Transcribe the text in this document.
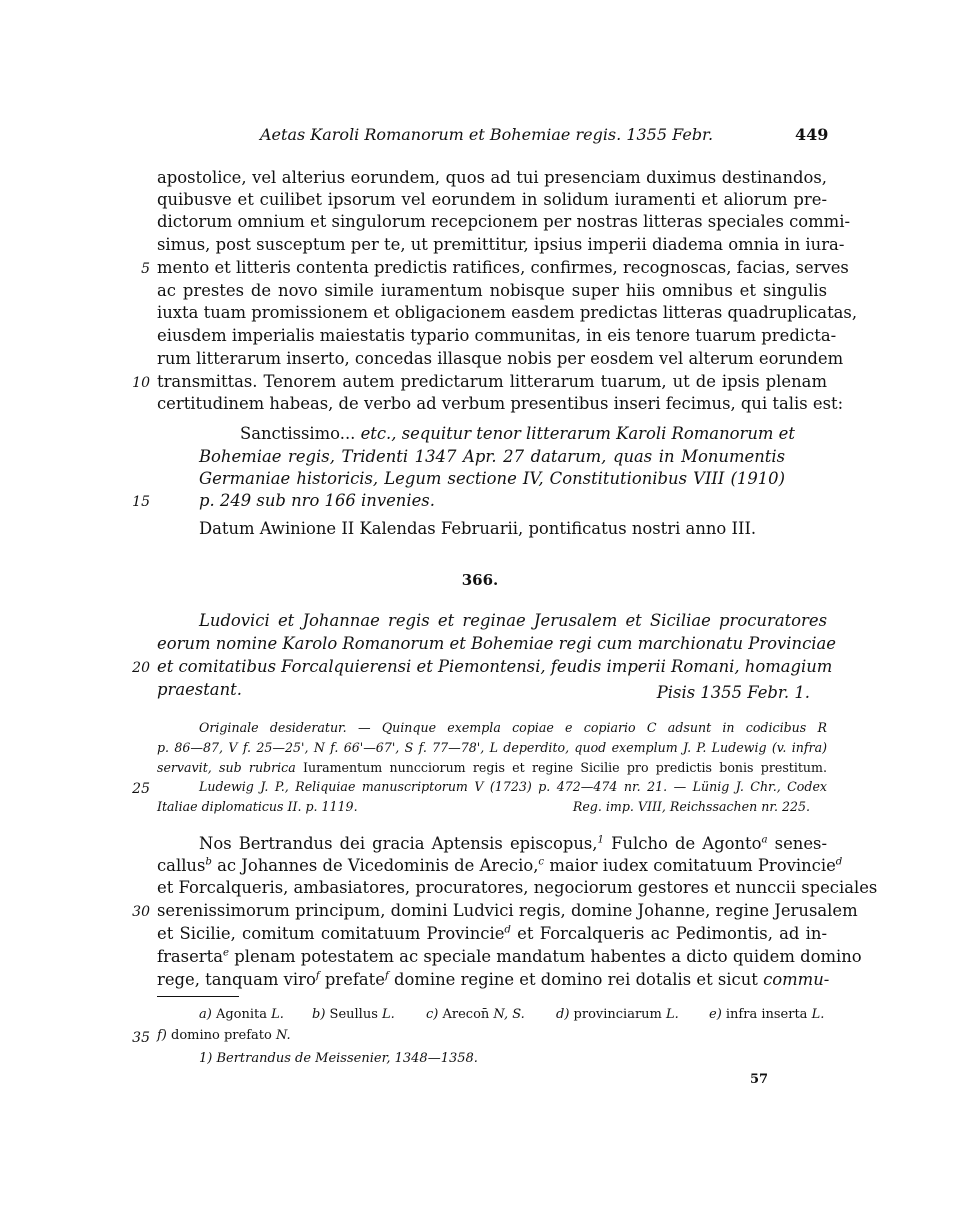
Aetas Karoli Romanorum et Bohemiae regis. 1355 Febr.	449
apostolice, vel alterius eorundem, quos ad tui presenciam duximus destinandos,
quibusve et cuilibet ipsorum vel eorundem in solidum iuramenti et aliorum pre-
dictorum omnium et singulorum recepcionem per nostras litteras speciales commi-
simus, post susceptum per te, ut premittitur, ipsius imperii diadema omnia in iura-
mento et litteris contenta predictis ratifices, confirmes, recognoscas, facias, serves
ac prestes de novo simile iuramentum nobisque super hiis omnibus et singulis
iuxta tuam promissionem et obligacionem easdem predictas litteras quadruplicatas,
eiusdem imperialis maiestatis typario communitas, in eis tenore tuarum predicta-
rum litterarum inserto, concedas illasque nobis per eosdem vel alterum eorundem
transmittas. Tenorem autem predictarum litterarum tuarum, ut de ipsis plenam
certitudinem habeas, de verbo ad verbum presentibus inseri fecimus, qui talis est:
Sanctissimo... etc., sequitur tenor litterarum Karoli Romanorum et
Bohemiae regis, Tridenti 1347 Apr. 27 datarum, quas in Monumentis
Germaniae historicis, Legum sectione IV, Constitutionibus VIII (1910)
p. 249 sub nro 166 invenies.
Datum Awinione II Kalendas Februarii, pontificatus nostri anno III.
366.
Ludovici et Johannae regis et reginae Jerusalem et Siciliae procuratores
eorum nomine Karolo Romanorum et Bohemiae regi cum marchionatu Provinciae
et comitatibus Forcalquierensi et Piemontensi, feudis imperii Romani, homagium
praestant.	Pisis 1355 Febr. 1.
Originale desideratur. — Quinque exempla copiae e copiario C adsunt in codicibus R
p. 86—87, V f. 25—25', N f. 66'—67', S f. 77—78', L deperdito, quod exemplum J. P. Ludewig (v. infra)
servavit, sub rubrica Iuramentum nuncciorum regis et regine Sicilie pro predictis bonis prestitum.
Ludewig J. P., Reliquiae manuscriptorum V (1723) p. 472—474 nr. 21. — Lünig J. Chr., Codex
Italiae diplomaticus II. p. 1119.	Reg. imp. VIII, Reichssachen nr. 225.
Nos Bertrandus dei gracia Aptensis episcopus,$^1$ Fulcho de Agonto$^a$ senes-
callus$^b$ ac Johannes de Vicedominis de Arecio,$^c$ maior iudex comitatuum Provincie$^d$
et Forcalqueris, ambasiatores, procuratores, negociorum gestores et nunccii speciales
serenissimorum principum, domini Ludvici regis, domine Johanne, regine Jerusalem
et Sicilie, comitum comitatuum Provincie$^d$ et Forcalqueris ac Pedimontis, ad in-
fraserta$^e$ plenam potestatem ac speciale mandatum habentes a dicto quidem domino
rege, tanquam viro$^f$ prefate$^f$ domine regine et domino rei dotalis et sicut commu-
a) Agonita L. b) Seullus L. c) Arecon̄ N, S. d) provinciarum L. e) infra inserta L.
f) domino prefato N.
1) Bertrandus de Meissenier, 1348—1358.
57
5
10
15
20
25
30
35
